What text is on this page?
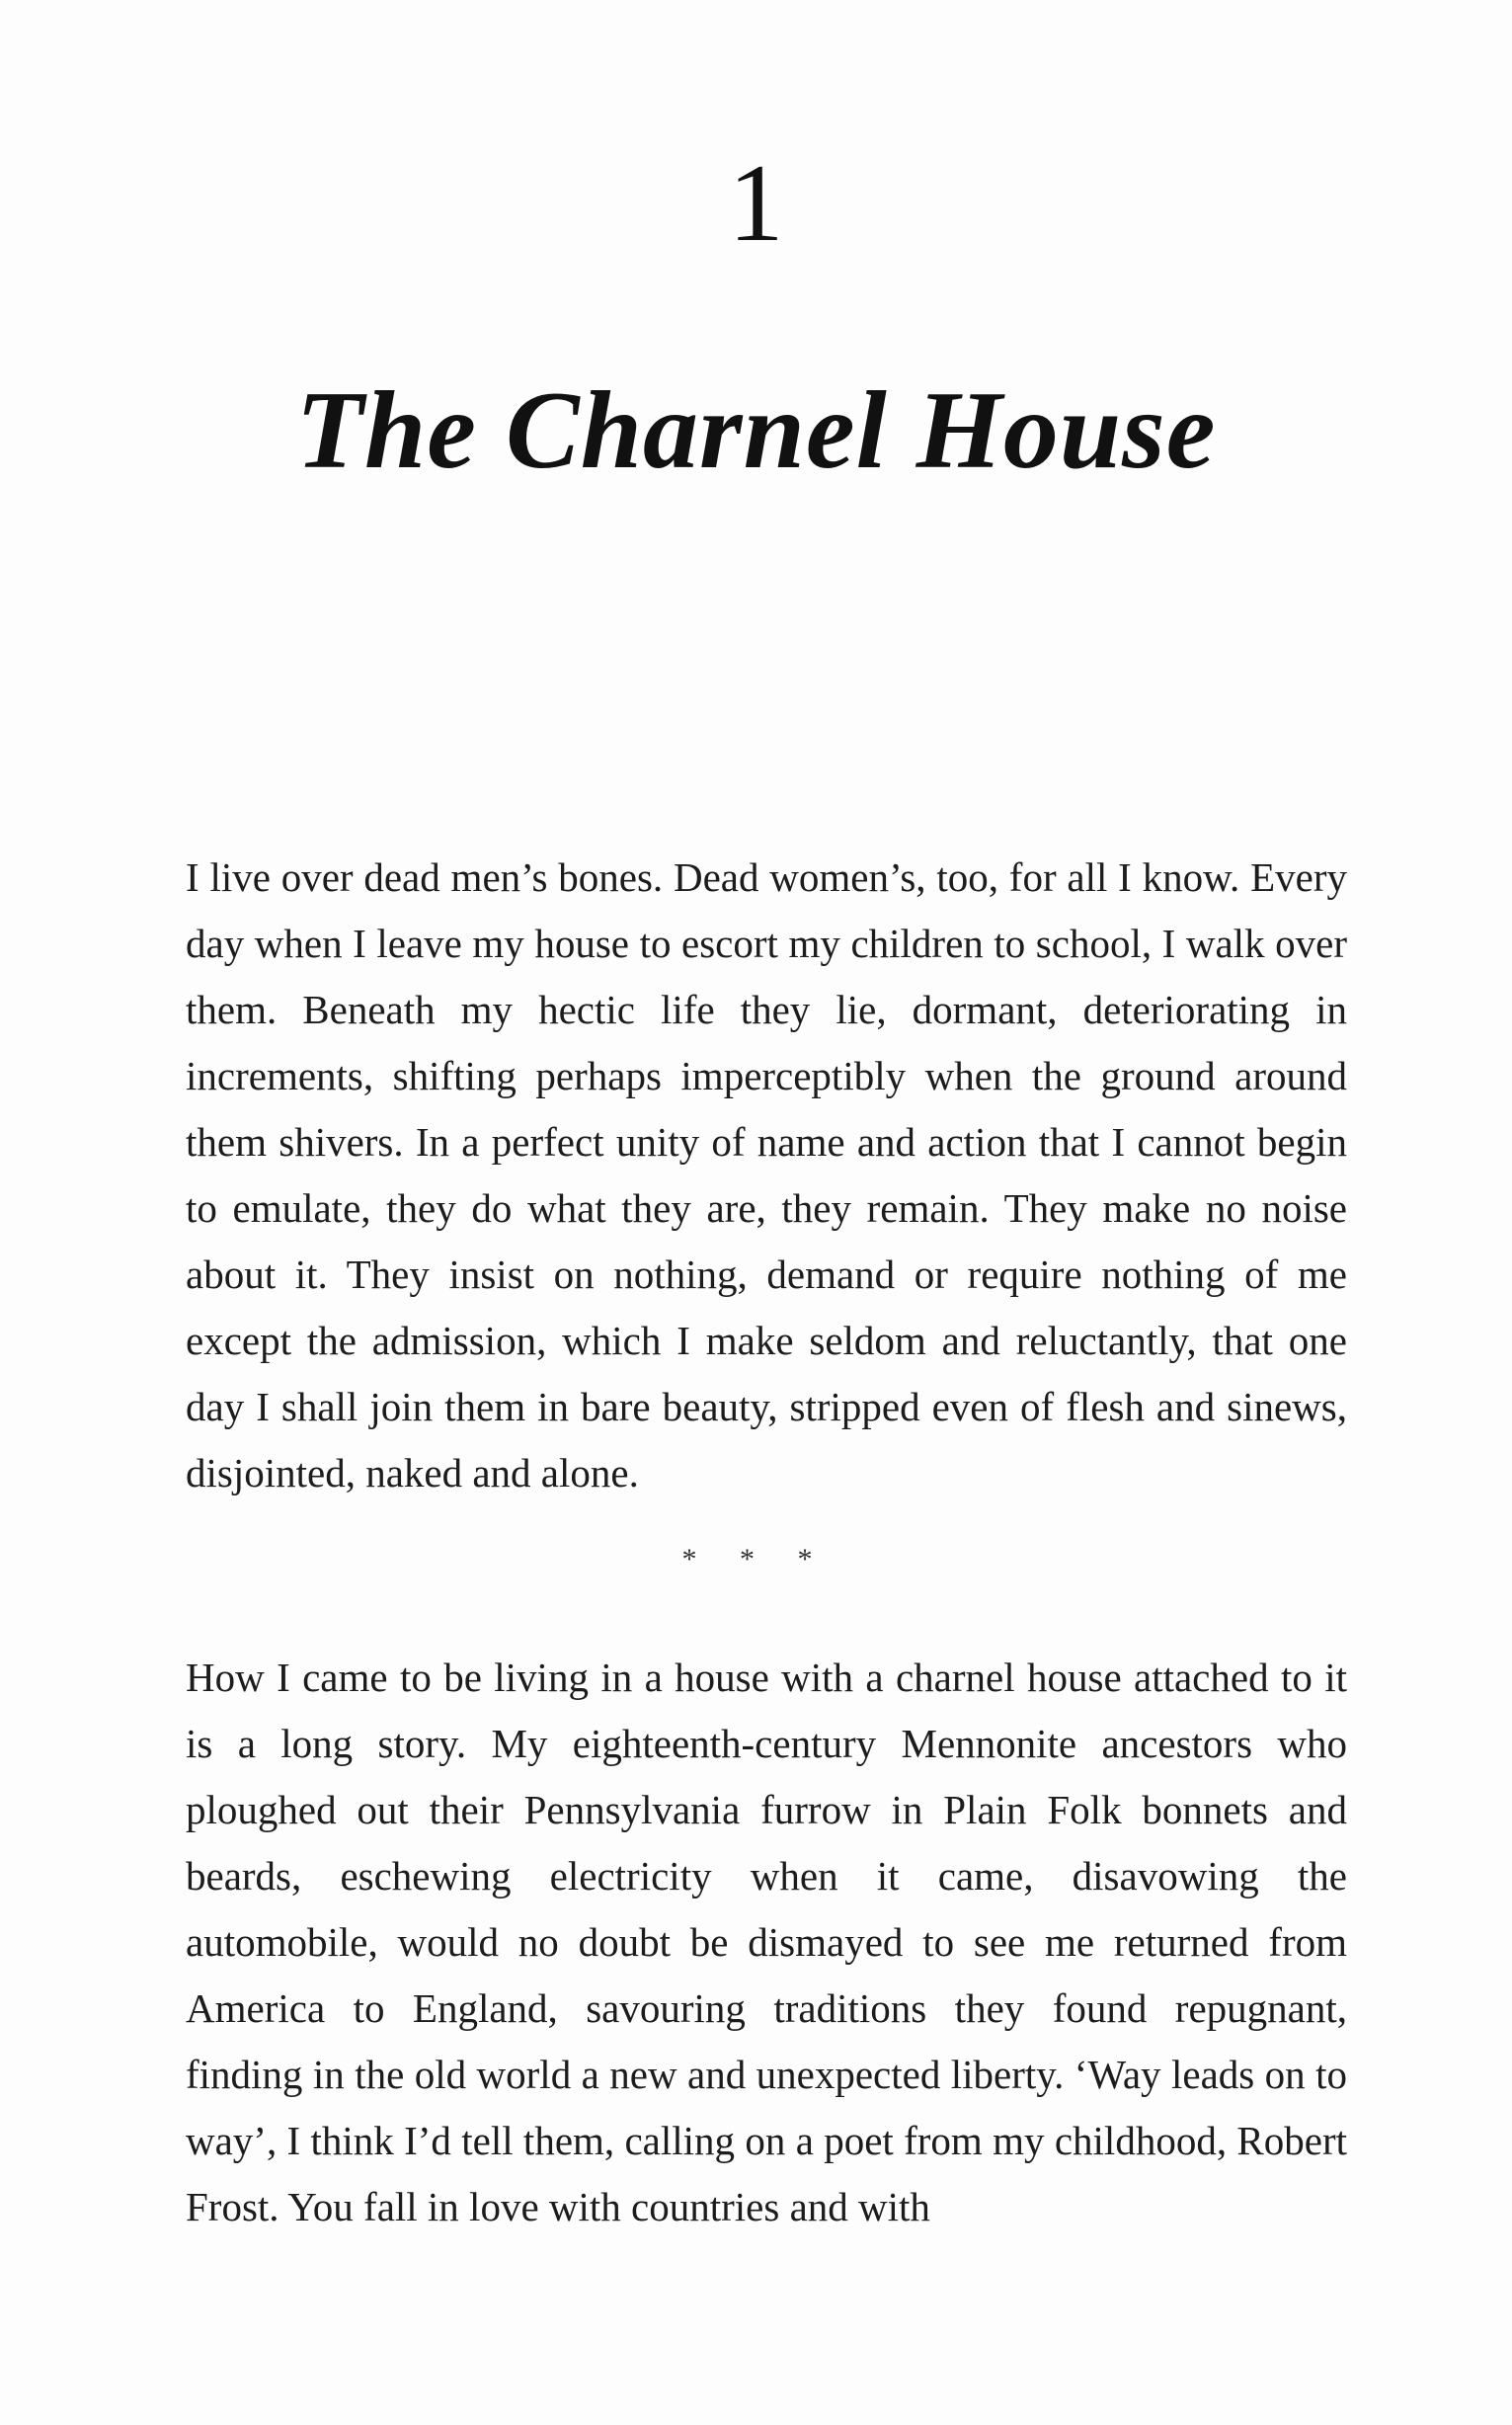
1
The Charnel House

I live over dead men’s bones. Dead women’s, too, for all I know. Every day when I leave my house to escort my children to school, I walk over them. Beneath my hectic life they lie, dormant, deteriorating in increments, shifting perhaps imperceptibly when the ground around them shivers. In a perfect unity of name and action that I cannot begin to emulate, they do what they are, they remain. They make no noise about it. They insist on nothing, demand or require nothing of me except the admission, which I make seldom and reluctantly, that one day I shall join them in bare beauty, stripped even of flesh and sinews, disjointed, naked and alone.

* * *

How I came to be living in a house with a charnel house attached to it is a long story. My eighteenth-century Mennonite ancestors who ploughed out their Pennsylvania furrow in Plain Folk bonnets and beards, eschewing electricity when it came, disavowing the automobile, would no doubt be dismayed to see me returned from America to England, savouring traditions they found repugnant, finding in the old world a new and unexpected liberty. ‘Way leads on to way’, I think I’d tell them, calling on a poet from my childhood, Robert Frost. You fall in love with countries and with
